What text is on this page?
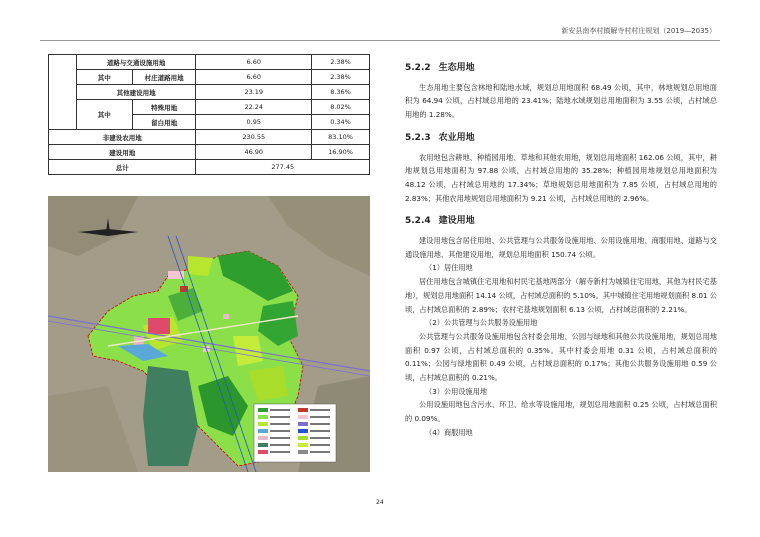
新安县南李村镇解寺村村庄规划（2019—2035）
	道路与交通设施用地		6.60	2.38%
	其中	村庄道路用地	6.60	2.38%
	其他建设用地		23.19	8.36%
	其中	特殊用地	22.24	8.02%
		留白用地	0.95	0.34%
非建设农用地			230.55	83.10%
建设用地			46.90	16.90%
总计			277.45	
5.2.2 生态用地

生态用地主要包含林地和陆地水域，规划总用地面积 68.49 公顷，其中，林地规划总用地面积为 64.94 公顷，占村域总用地的 23.41%；陆地水域规划总用地面积为 3.55 公顷，占村域总用地的 1.28%。

5.2.3 农业用地

农用地包含耕地、种植园用地、草地和其他农用地，规划总用地面积 162.06 公顷，其中，耕地规划总用地面积为 97.88 公顷，占村域总用地的 35.28%；种植园用地规划总用地面积为 48.12 公顷，占村域总用地的 17.34%；草地规划总用地面积为 7.85 公顷，占村域总用地的 2.83%；其他农用地规划总用地面积为 9.21 公顷，占村域总用地的 2.96%。

5.2.4 建设用地

建设用地包含居住用地、公共管理与公共服务设施用地、公用设施用地、商服用地、道路与交通设施用地、其他建设用地，规划总用地面积 150.74 公顷。

（1）居住用地

居住用地包含城镇住宅用地和村民宅基地两部分（解寺新村为城镇住宅用地，其他为村民宅基地），规划总用地面积 14.14 公顷，占村域总面积的 5.10%。其中城镇住宅用地规划面积 8.01 公顷，占村域总面积的 2.89%；农村宅基地规划面积 6.13 公顷，占村域总面积的 2.21%。

（2）公共管理与公共服务设施用地

公共管理与公共服务设施用地包含村委会用地、公园与绿地和其他公共设施用地，规划总用地面积 0.97 公顷，占村域总面积的 0.35%。其中村委会用地 0.31 公顷，占村域总面积的 0.11%；公园与绿地面积 0.49 公顷，占村域总面积的 0.17%；其他公共服务设施用地 0.59 公顷，占村域总面积的 0.21%。

（3）公用设施用地

公用设施用地包含污水、环卫、给水等设施用地，规划总用地面积 0.25 公顷，占村域总面积的 0.09%。

（4）商服用地

24
